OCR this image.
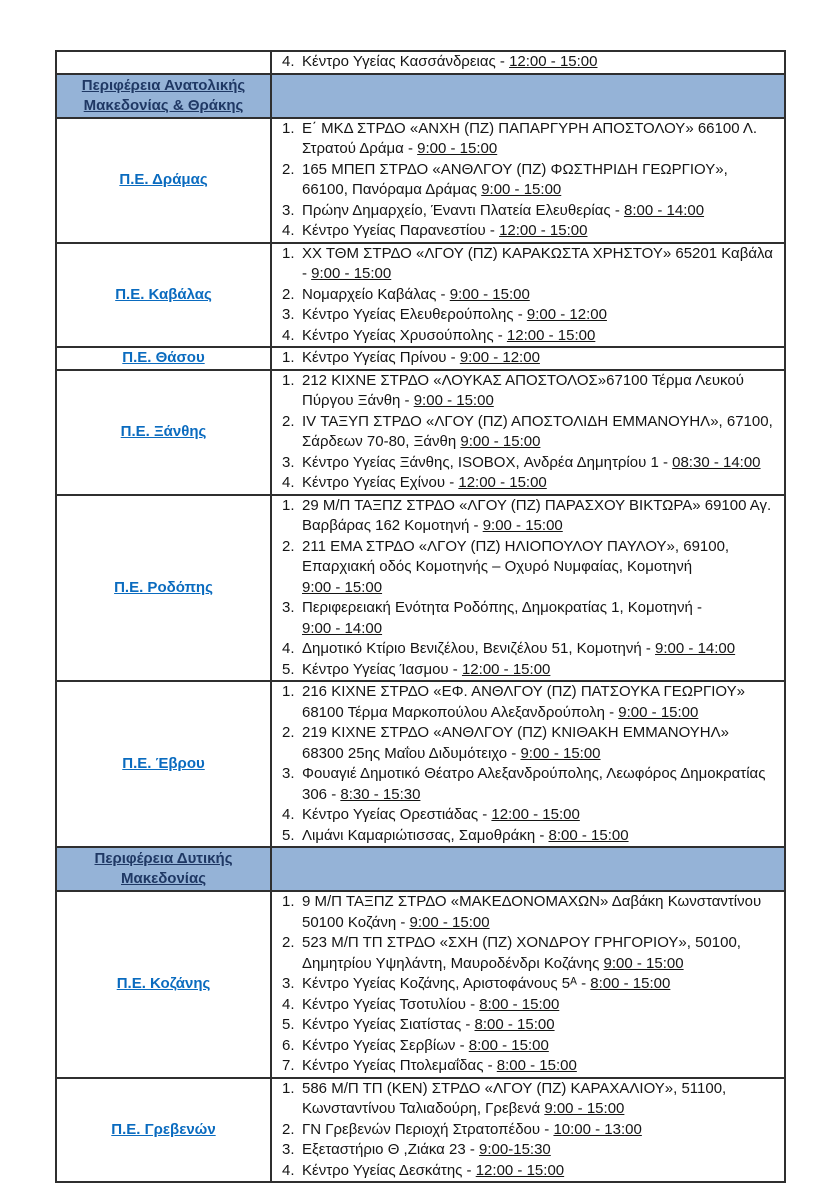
	4. Κέντρο Υγείας Κασσάνδρειας - 12:00 - 15:00

Περιφέρεια Ανατολικής Μακεδονίας & Θράκης	
Π.Ε. Δράμας	
1. Ε΄ ΜΚΔ ΣΤΡΔΟ «ΑΝΧΗ (ΠΖ) ΠΑΠΑΡΓΥΡΗ ΑΠΟΣΤΟΛΟΥ» 66100 Λ. Στρατού Δράμα - 9:00 - 15:00
2. 165 ΜΠΕΠ ΣΤΡΔΟ «ΑΝΘΛΓΟΥ (ΠΖ) ΦΩΣΤΗΡΙΔΗ ΓΕΩΡΓΙΟΥ», 66100, Πανόραμα Δράμας 9:00 - 15:00
3. Πρώην Δημαρχείο, Έναντι Πλατεία Ελευθερίας - 8:00 - 14:00
4. Κέντρο Υγείας Παρανεστίου - 12:00 - 15:00

Π.Ε. Καβάλας	
1. ΧΧ ΤΘΜ ΣΤΡΔΟ «ΛΓΟΥ (ΠΖ) ΚΑΡΑΚΩΣΤΑ ΧΡΗΣΤΟΥ» 65201 Καβάλα - 9:00 - 15:00
2. Νομαρχείο Καβάλας - 9:00 - 15:00
3. Κέντρο Υγείας Ελευθερούπολης - 9:00 - 12:00
4. Κέντρο Υγείας Χρυσούπολης - 12:00 - 15:00

Π.Ε. Θάσου	1. Κέντρο Υγείας Πρίνου - 9:00 - 12:00

Π.Ε. Ξάνθης	
1. 212 ΚΙΧΝΕ ΣΤΡΔΟ «ΛΟΥΚΑΣ ΑΠΟΣΤΟΛΟΣ»67100 Τέρμα Λευκού Πύργου Ξάνθη - 9:00 - 15:00
2. IV ΤΑΞΥΠ ΣΤΡΔΟ «ΛΓΟΥ (ΠΖ) ΑΠΟΣΤΟΛΙΔΗ ΕΜΜΑΝΟΥΗΛ», 67100, Σάρδεων 70-80, Ξάνθη 9:00 - 15:00
3. Κέντρο Υγείας Ξάνθης, ISOBOX, Ανδρέα Δημητρίου 1 - 08:30 - 14:00
4. Κέντρο Υγείας Εχίνου - 12:00 - 15:00

Π.Ε. Ροδόπης	
1. 29 Μ/Π ΤΑΞΠΖ ΣΤΡΔΟ «ΛΓΟΥ (ΠΖ) ΠΑΡΑΣΧΟΥ ΒΙΚΤΩΡΑ» 69100 Αγ. Βαρβάρας 162 Κομοτηνή - 9:00 - 15:00
2. 211 ΕΜΑ ΣΤΡΔΟ «ΛΓΟΥ (ΠΖ) ΗΛΙΟΠΟΥΛΟΥ ΠΑΥΛΟΥ», 69100, Επαρχιακή οδός Κομοτηνής – Οχυρό Νυμφαίας, Κομοτηνή 9:00 - 15:00
3. Περιφερειακή Ενότητα Ροδόπης, Δημοκρατίας 1, Κομοτηνή - 9:00 - 14:00
4. Δημοτικό Κτίριο Βενιζέλου, Βενιζέλου 51, Κομοτηνή - 9:00 - 14:00
5. Κέντρο Υγείας Ίασμου - 12:00 - 15:00

Π.Ε. Έβρου	
1. 216 ΚΙΧΝΕ ΣΤΡΔΟ «ΕΦ. ΑΝΘΛΓΟΥ (ΠΖ) ΠΑΤΣΟΥΚΑ ΓΕΩΡΓΙΟΥ» 68100 Τέρμα Μαρκοπούλου Αλεξανδρούπολη - 9:00 - 15:00
2. 219 ΚΙΧΝΕ ΣΤΡΔΟ «ΑΝΘΛΓΟΥ (ΠΖ) ΚΝΙΘΑΚΗ ΕΜΜΑΝΟΥΗΛ» 68300 25ης Μαΐου Διδυμότειχο - 9:00 - 15:00
3. Φουαγιέ Δημοτικό Θέατρο Αλεξανδρούπολης, Λεωφόρος Δημοκρατίας 306 - 8:30 - 15:30
4. Κέντρο Υγείας Ορεστιάδας - 12:00 - 15:00
5. Λιμάνι Καμαριώτισσας, Σαμοθράκη - 8:00 - 15:00

Περιφέρεια Δυτικής Μακεδονίας	
Π.Ε. Κοζάνης	
1. 9 Μ/Π ΤΑΞΠΖ ΣΤΡΔΟ «ΜΑΚΕΔΟΝΟΜΑΧΩΝ» Δαβάκη Κωνσταντίνου 50100 Κοζάνη - 9:00 - 15:00
2. 523 Μ/Π ΤΠ ΣΤΡΔΟ «ΣΧΗ (ΠΖ) ΧΟΝΔΡΟΥ ΓΡΗΓΟΡΙΟΥ», 50100, Δημητρίου Υψηλάντη, Μαυροδένδρι Κοζάνης 9:00 - 15:00
3. Κέντρο Υγείας Κοζάνης, Αριστοφάνους 5ᴬ - 8:00 - 15:00
4. Κέντρο Υγείας Τσοτυλίου - 8:00 - 15:00
5. Κέντρο Υγείας Σιατίστας - 8:00 - 15:00
6. Κέντρο Υγείας Σερβίων - 8:00 - 15:00
7. Κέντρο Υγείας Πτολεμαΐδας - 8:00 - 15:00

Π.Ε. Γρεβενών	
1. 586 Μ/Π ΤΠ (ΚΕΝ) ΣΤΡΔΟ «ΛΓΟΥ (ΠΖ) ΚΑΡΑΧΑΛΙΟΥ», 51100, Κωνσταντίνου Ταλιαδούρη, Γρεβενά 9:00 - 15:00
2. ΓΝ Γρεβενών Περιοχή Στρατοπέδου - 10:00 - 13:00
3. Εξεταστήριο Θ ,Ζιάκα 23 - 9:00-15:30
4. Κέντρο Υγείας Δεσκάτης - 12:00 - 15:00
